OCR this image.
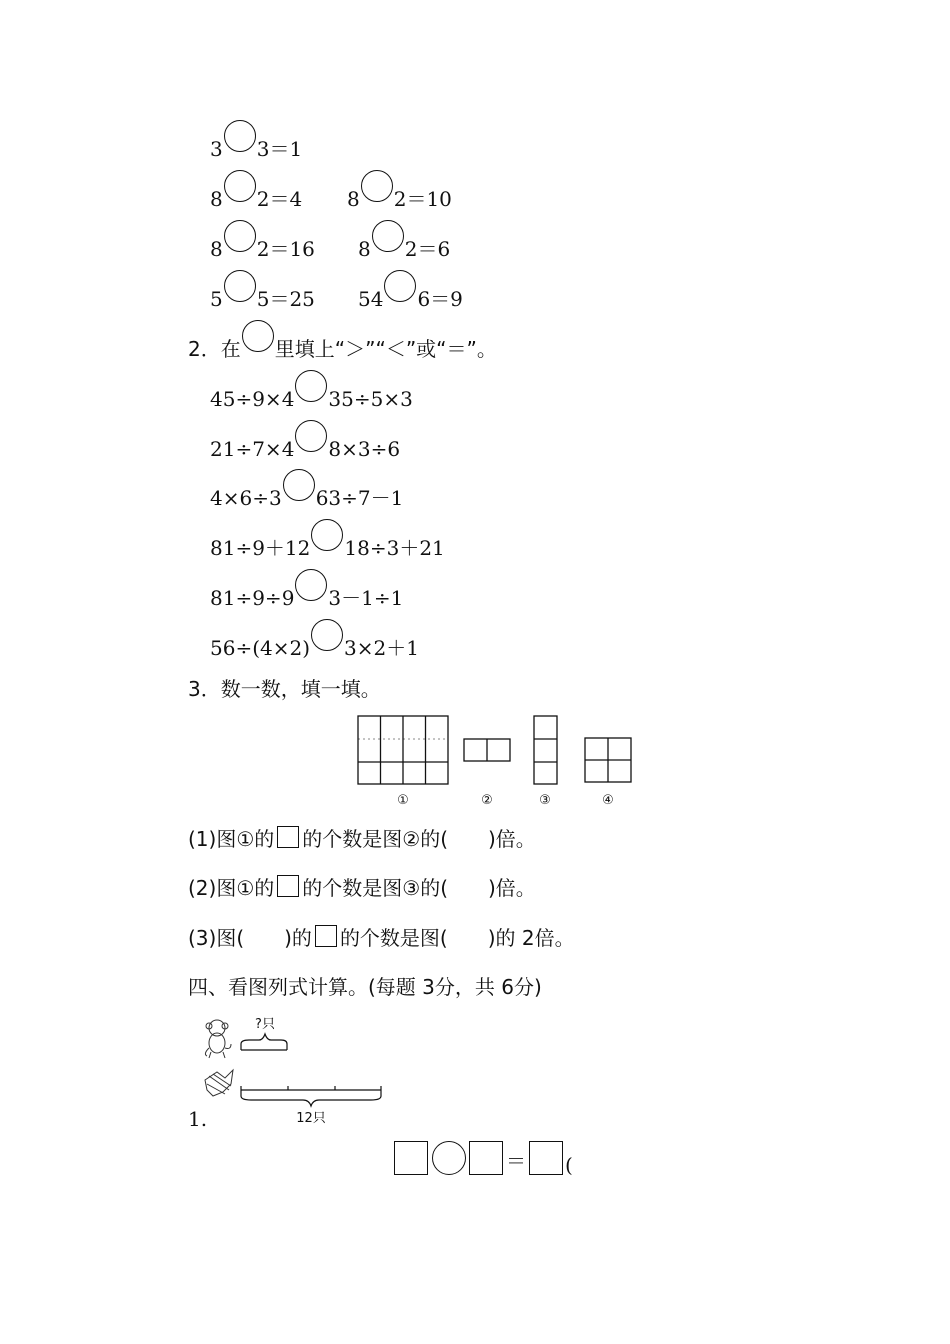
3 3＝1
8 2＝4 8 2＝10
8 2＝16 8 2＝6
5 5＝25 54 6＝9
2．在 里填上“＞”“＜”或“＝”。
45÷9×4 35÷5×3
21÷7×4 8×3÷6
4×6÷3 63÷7－1
81÷9＋12 18÷3＋21
81÷9÷9 3－1÷1
56÷(4×2) 3×2＋1
3．数一数，填一填。
①	②	③	④
(1)图①的 的个数是图②的(　　)倍。
(2)图①的 的个数是图③的(　　)倍。
(3)图(　　)的 的个数是图(　　)的 2倍。
四、看图列式计算。(每题 3分，共 6分)
?只
12只
1.
＝ (
